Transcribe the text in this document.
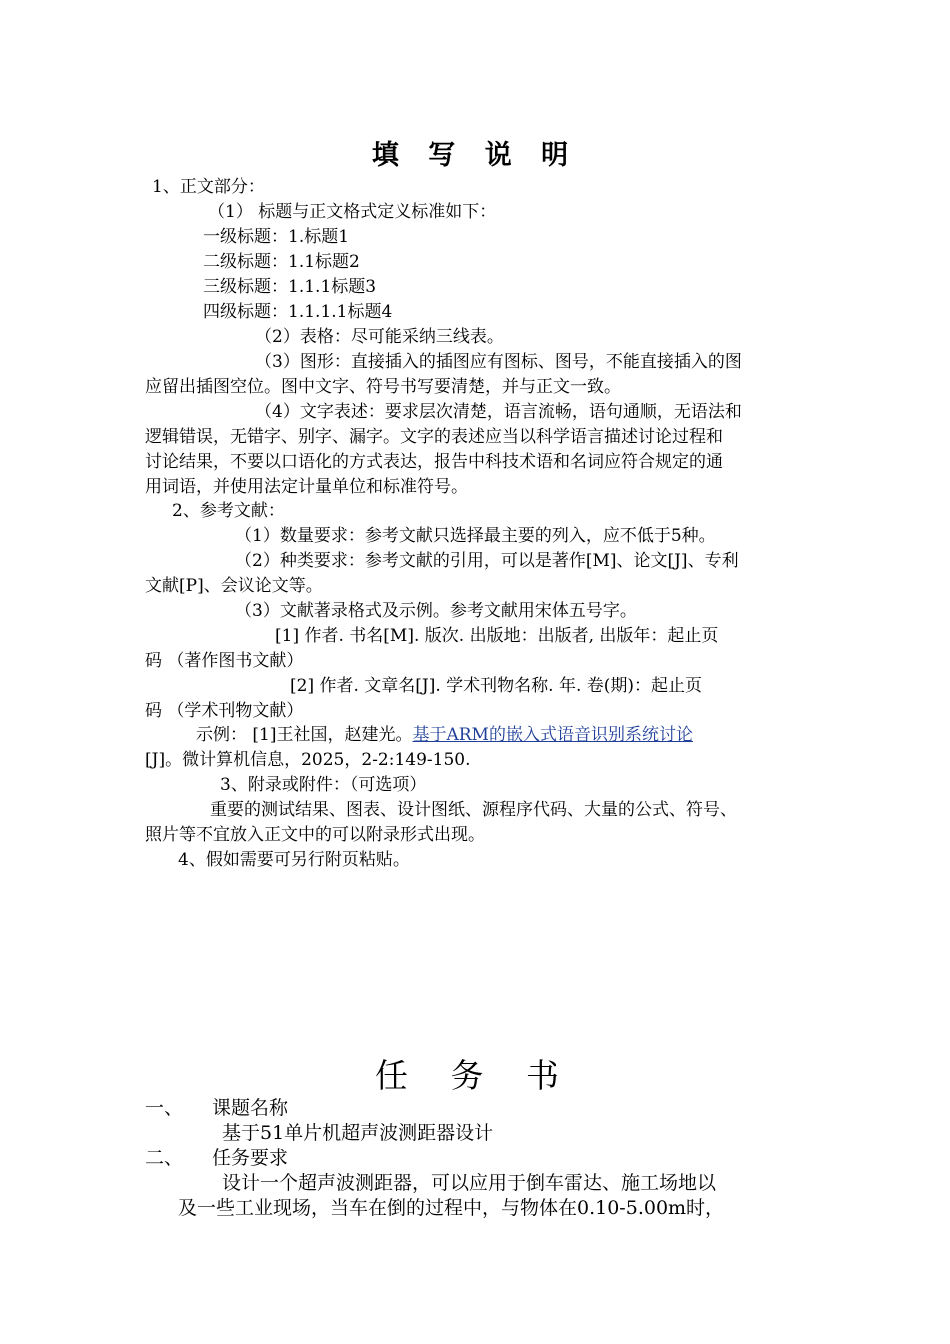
填 写 说 明
1、正文部分：
（1） 标题与正文格式定义标准如下：
一级标题：1.标题1
二级标题：1.1标题2
三级标题：1.1.1标题3
四级标题：1.1.1.1标题4
（2）表格：尽可能采纳三线表。
（3）图形：直接插入的插图应有图标、图号，不能直接插入的图
应留出插图空位。图中文字、符号书写要清楚，并与正文一致。
（4）文字表述：要求层次清楚，语言流畅，语句通顺，无语法和
逻辑错误，无错字、别字、漏字。文字的表述应当以科学语言描述讨论过程和
讨论结果，不要以口语化的方式表达，报告中科技术语和名词应符合规定的通
用词语，并使用法定计量单位和标准符号。
2、参考文献：
（1）数量要求：参考文献只选择最主要的列入，应不低于5种。
（2）种类要求：参考文献的引用，可以是著作[M]、论文[J]、专利
文献[P]、会议论文等。
（3）文献著录格式及示例。参考文献用宋体五号字。
[1] 作者. 书名[M]. 版次. 出版地：出版者, 出版年：起止页
码 （著作图书文献）
[2] 作者. 文章名[J]. 学术刊物名称. 年. 卷(期)：起止页
码 （学术刊物文献）
示例： [1]王社国，赵建光。基于ARM的嵌入式语音识别系统讨论
[J]。微计算机信息，2025，2-2:149-150.
3、附录或附件：（可选项）
重要的测试结果、图表、设计图纸、源程序代码、大量的公式、符号、
照片等不宜放入正文中的可以附录形式出现。
4、假如需要可另行附页粘贴。
任 务 书
一、 课题名称
基于51单片机超声波测距器设计
二、 任务要求
设计一个超声波测距器，可以应用于倒车雷达、施工场地以
及一些工业现场，当车在倒的过程中，与物体在0.10-5.00m时，
